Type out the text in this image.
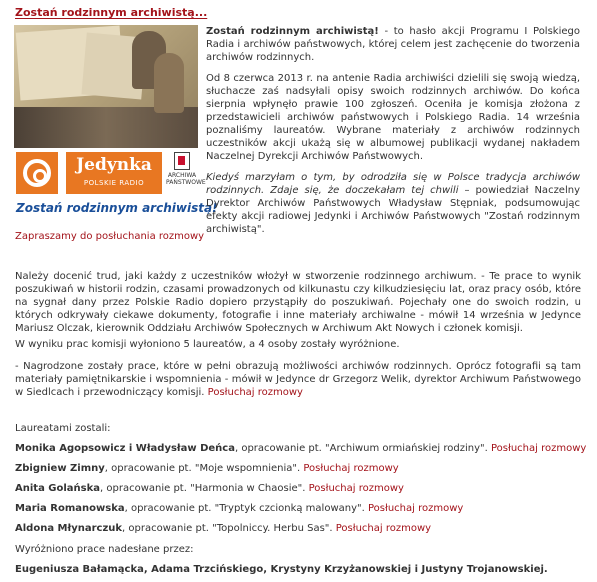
Zostań rodzinnym archiwistą...
Jedynka
POLSKIE RADIO
ARCHIWA
PAŃSTWOWE
Zostań rodzinnym archiwistą!

Zostań rodzinnym archiwistą! - to hasło akcji Programu I Polskiego Radia i archiwów państwowych, której celem jest zachęcenie do tworzenia archiwów rodzinnych.

Od 8 czerwca 2013 r. na antenie Radia archiwiści dzielili się swoją wiedzą, słuchacze zaś nadsyłali opisy swoich rodzinnych archiwów. Do końca sierpnia wpłynęło prawie 100 zgłoszeń. Oceniła je komisja złożona z przedstawicieli archiwów państwowych i Polskiego Radia. 14 września poznaliśmy laureatów. Wybrane materiały z archiwów rodzinnych uczestników akcji ukażą się w albumowej publikacji wydanej nakładem Naczelnej Dyrekcji Archiwów Państwowych.

Kiedyś marzyłam o tym, by odrodziła się w Polsce tradycja archiwów rodzinnych. Zdaje się, że doczekałam tej chwili – powiedział Naczelny Dyrektor Archiwów Państwowych Władysław Stępniak, podsumowując efekty akcji radiowej Jedynki i Archiwów Państwowych "Zostań rodzinnym archiwistą".

Zapraszamy do posłuchania rozmowy

Należy docenić trud, jaki każdy z uczestników włożył w stworzenie rodzinnego archiwum. - Te prace to wynik poszukiwań w historii rodzin, czasami prowadzonych od kilkunastu czy kilkudziesięciu lat, oraz pracy osób, które na sygnał dany przez Polskie Radio dopiero przystąpiły do poszukiwań. Pojechały one do swoich rodzin, u których odkrywały ciekawe dokumenty, fotografie i inne materiały archiwalne - mówił 14 września w Jedynce Mariusz Olczak, kierownik Oddziału Archiwów Społecznych w Archiwum Akt Nowych i członek komisji.

W wyniku prac komisji wyłoniono 5 laureatów, a 4 osoby zostały wyróżnione.

- Nagrodzone zostały prace, które w pełni obrazują możliwości archiwów rodzinnych. Oprócz fotografii są tam materiały pamiętnikarskie i wspomnienia - mówił w Jedynce dr Grzegorz Welik, dyrektor Archiwum Państwowego w Siedlcach i przewodniczący komisji. Posłuchaj rozmowy

Laureatami zostali:
Monika Agopsowicz i Władysław Deńca, opracowanie pt. "Archiwum ormiańskiej rodziny". Posłuchaj rozmowy
Zbigniew Zimny, opracowanie pt. "Moje wspomnienia". Posłuchaj rozmowy
Anita Golańska, opracowanie pt. "Harmonia w Chaosie". Posłuchaj rozmowy
Maria Romanowska, opracowanie pt. "Tryptyk czcionką malowany". Posłuchaj rozmowy
Aldona Młynarczuk, opracowanie pt. "Topolniccy. Herbu Sas". Posłuchaj rozmowy
Wyróżniono prace nadesłane przez:
Eugeniusza Bałamącka, Adama Trzcińskiego, Krystyny Krzyżanowskiej i Justyny Trojanowskiej.
